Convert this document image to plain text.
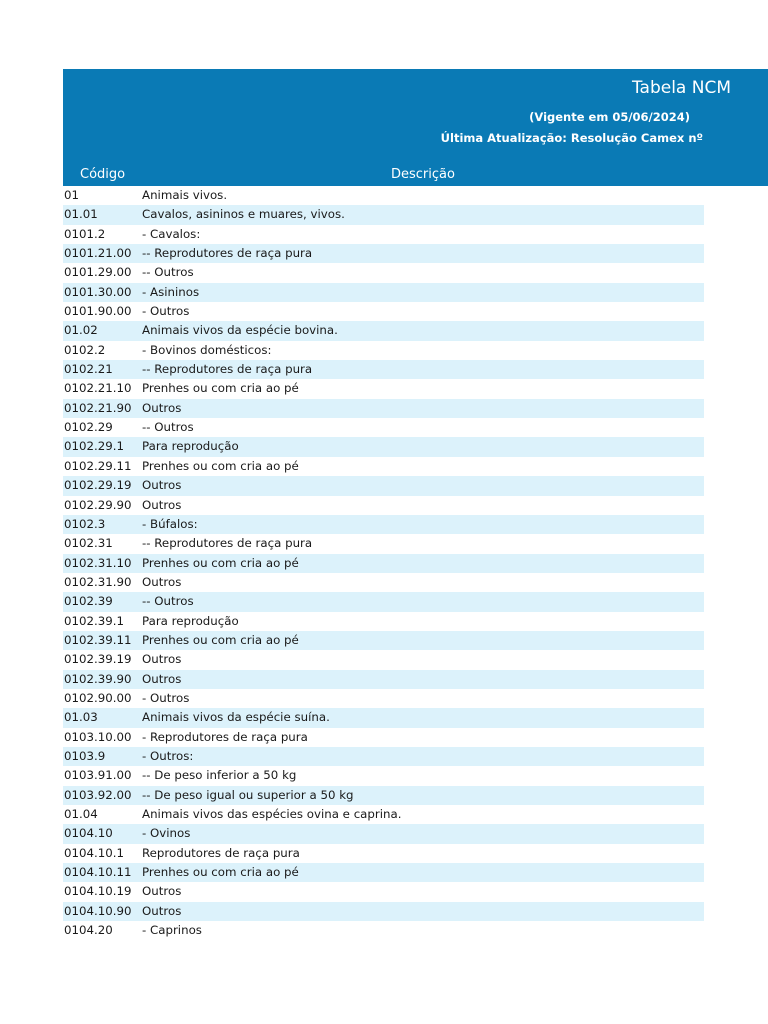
Tabela NCM
(Vigente em 05/06/2024)
Última Atualização: Resolução Camex nº
Código	Descrição
01	Animais vivos.
01.01	Cavalos, asininos e muares, vivos.
0101.2	- Cavalos:
0101.21.00 -- Reprodutores de raça pura
0101.29.00 -- Outros
0101.30.00 - Asininos
0101.90.00 - Outros
01.02	Animais vivos da espécie bovina.
0102.2	- Bovinos domésticos:
0102.21	-- Reprodutores de raça pura
0102.21.10 Prenhes ou com cria ao pé
0102.21.90 Outros
0102.29	-- Outros
0102.29.1	Para reprodução
0102.29.11 Prenhes ou com cria ao pé
0102.29.19 Outros
0102.29.90 Outros
0102.3	- Búfalos:
0102.31	-- Reprodutores de raça pura
0102.31.10 Prenhes ou com cria ao pé
0102.31.90 Outros
0102.39	-- Outros
0102.39.1	Para reprodução
0102.39.11 Prenhes ou com cria ao pé
0102.39.19 Outros
0102.39.90 Outros
0102.90.00 - Outros
01.03	Animais vivos da espécie suína.
0103.10.00 - Reprodutores de raça pura
0103.9	- Outros:
0103.91.00 -- De peso inferior a 50 kg
0103.92.00 -- De peso igual ou superior a 50 kg
01.04	Animais vivos das espécies ovina e caprina.
0104.10	- Ovinos
0104.10.1	Reprodutores de raça pura
0104.10.11 Prenhes ou com cria ao pé
0104.10.19 Outros
0104.10.90 Outros
0104.20	- Caprinos
